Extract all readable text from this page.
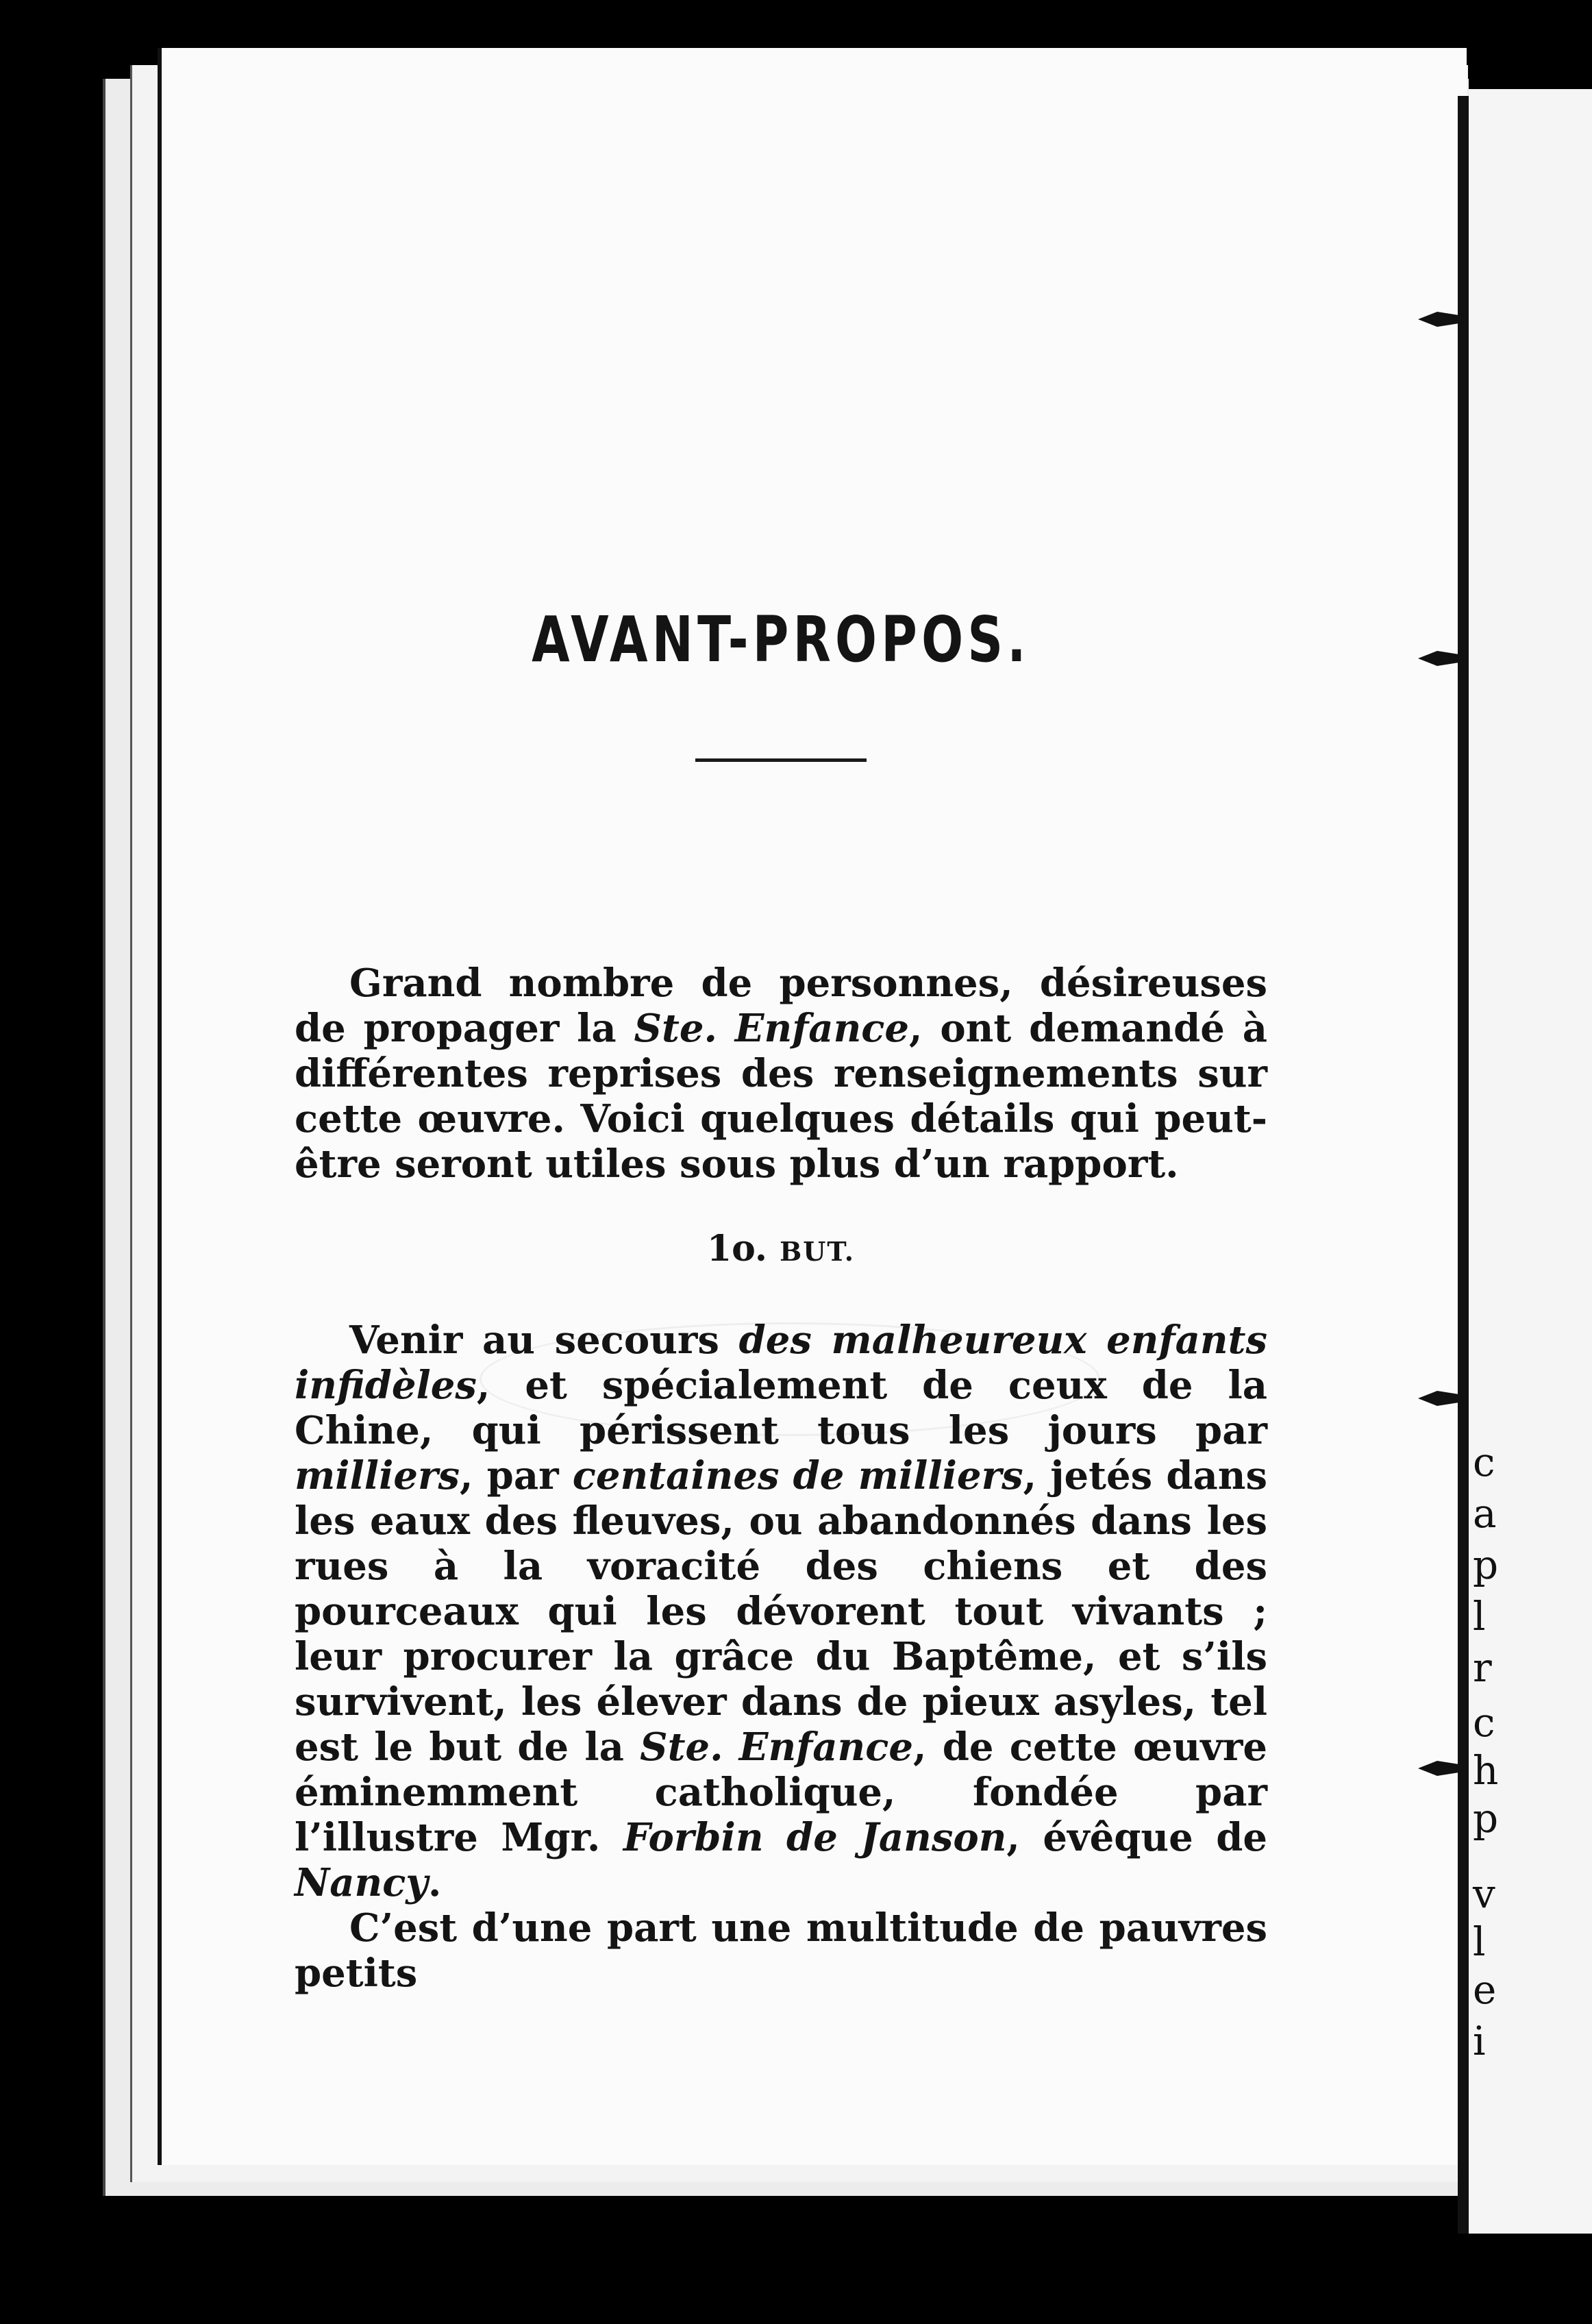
c
a
p
l
r
c
h
p
v
l
e
i
AVANT-PROPOS.

Grand nombre de personnes, désireuses de propager la Ste. Enfance, ont demandé à différentes reprises des renseignements sur cette œuvre. Voici quelques détails qui peut-être seront utiles sous plus d’un rapport.

1o. BUT.

Venir au secours des malheureux enfants infidèles, et spécialement de ceux de la Chine, qui périssent tous les jours par milliers, par centaines de milliers, jetés dans les eaux des fleuves, ou abandonnés dans les rues à la voracité des chiens et des pourceaux qui les dévorent tout vivants ; leur procurer la grâce du Baptême, et s’ils survivent, les élever dans de pieux asyles, tel est le but de la Ste. Enfance, de cette œuvre éminemment catholique, fondée par l’illustre Mgr. Forbin de Janson, évêque de Nancy.

C’est d’une part une multitude de pauvres petits
